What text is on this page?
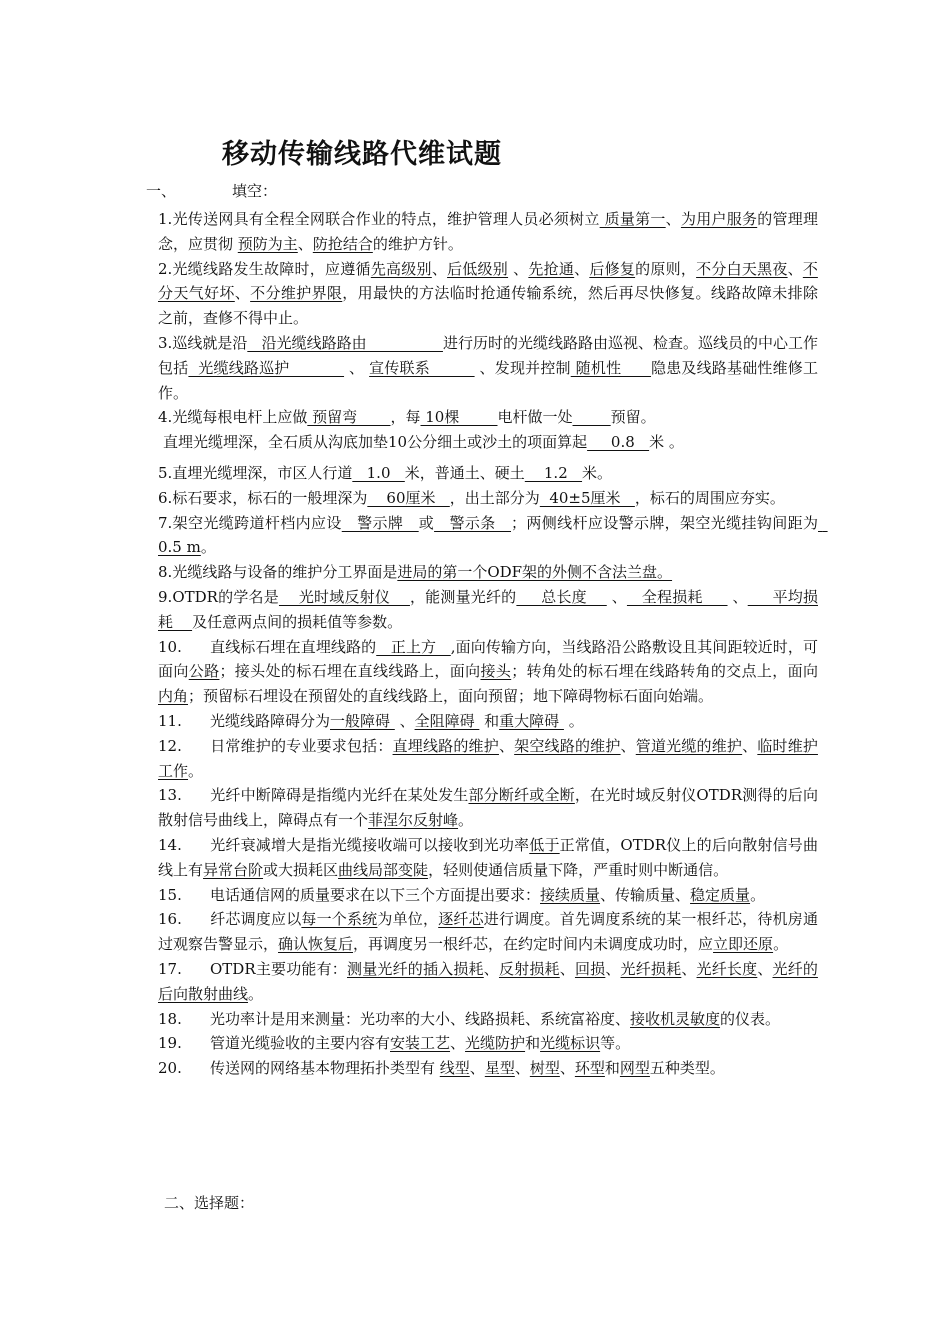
移动传输线路代维试题
一、	填空：

1.光传送网具有全程全网联合作业的特点，维护管理人员必须树立 质量第一、为用户服务的管理理念，应贯彻 预防为主、防抢结合的维护方针。

2.光缆线路发生故障时，应遵循先高级别、后低级别 、先抢通、后修复的原则，不分白天黑夜、不分天气好坏、不分维护界限，用最快的方法临时抢通传输系统，然后再尽快修复。线路故障未排除之前，查修不得中止。

3.巡线就是沿   沿光缆线路路由                进行历时的光缆线路路由巡视、检查。巡线员的中心工作包括  光缆线路巡护            、 宣传联系          、发现并控制 随机性      隐患及线路基础性维修工作。

4.光缆每根电杆上应做 预留弯       ，每 10棵        电杆做一处	预留。

直埋光缆埋深，全石质从沟底加垫10公分细土或沙土的项面算起     0.8   米 。

5.直埋光缆埋深，市区人行道   1.0   米，普通土、硬土    1.2   米。

6.标石要求，标石的一般埋深为    60厘米   ，出土部分为  40±5厘米   ，标石的周围应夯实。

7.架空光缆跨道杆档内应设   警示牌   或   警示条   ；两侧线杆应设警示牌，架空光缆挂钩间距为  0.5 m。

8.光缆线路与设备的维护分工界面是进局的第一个ODF架的外侧不含法兰盘。

9.OTDR的学名是    光时域反射仪    ，能测量光纤的     总长度     、   全程损耗      、     平均损耗    及任意两点间的损耗值等参数。

10. 直线标石埋在直埋线路的   正上方   ,面向传输方向，当线路沿公路敷设且其间距较近时，可面向公路；接头处的标石埋在直线线路上，面向接头；转角处的标石埋在线路转角的交点上，面向内角；预留标石埋设在预留处的直线线路上，面向预留；地下障碍物标石面向始端。

11. 光缆线路障碍分为一般障碍  、全阻障碍  和重大障碍  。

12. 日常维护的专业要求包括：直埋线路的维护、架空线路的维护、管道光缆的维护、临时维护工作。

13. 光纤中断障碍是指缆内光纤在某处发生部分断纤或全断，在光时域反射仪OTDR测得的后向散射信号曲线上，障碍点有一个菲涅尔反射峰。

14. 光纤衰减增大是指光缆接收端可以接收到光功率低于正常值，OTDR仪上的后向散射信号曲线上有异常台阶或大损耗区曲线局部变陡，轻则使通信质量下降，严重时则中断通信。

15. 电话通信网的质量要求在以下三个方面提出要求：接续质量、传输质量、稳定质量。

16. 纤芯调度应以每一个系统为单位，逐纤芯进行调度。首先调度系统的某一根纤芯，待机房通过观察告警显示，确认恢复后，再调度另一根纤芯，在约定时间内未调度成功时，应立即还原。

17. OTDR主要功能有：测量光纤的插入损耗、反射损耗、回损、光纤损耗、光纤长度、光纤的后向散射曲线。

18. 光功率计是用来测量：光功率的大小、线路损耗、系统富裕度、接收机灵敏度的仪表。

19. 管道光缆验收的主要内容有安装工艺、光缆防护和光缆标识等。

20. 传送网的网络基本物理拓扑类型有 线型、星型、树型、环型和网型五种类型。

二、选择题：
